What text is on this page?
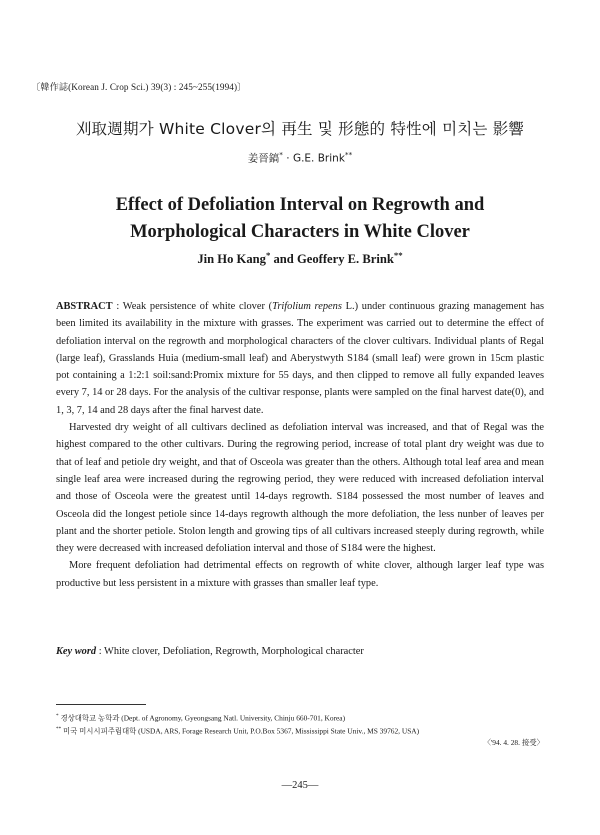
〔韓作誌(Korean J. Crop Sci.) 39(3) : 245~255(1994)〕
刈取週期가 White Clover의 再生 및 形態的 特性에 미치는 影響
姜晉鎬* · G.E. Brink**
Effect of Defoliation Interval on Regrowth and
Morphological Characters in White Clover
Jin Ho Kang* and Geoffery E. Brink**

ABSTRACT : Weak persistence of white clover (Trifolium repens L.) under continuous grazing management has been limited its availability in the mixture with grasses. The experiment was carried out to determine the effect of defoliation interval on the regrowth and morphological characters of the clover cultivars. Individual plants of Regal (large leaf), Grasslands Huia (medium-small leaf) and Aberystwyth S184 (small leaf) were grown in 15cm plastic pot containing a 1:2:1 soil:sand:Promix mixture for 55 days, and then clipped to remove all fully expanded leaves every 7, 14 or 28 days. For the analysis of the cultivar response, plants were sampled on the final harvest date(0), and 1, 3, 7, 14 and 28 days after the final harvest date.

Harvested dry weight of all cultivars declined as defoliation interval was increased, and that of Regal was the highest compared to the other cultivars. During the regrowing period, increase of total plant dry weight was due to that of leaf and petiole dry weight, and that of Osceola was greater than the others. Although total leaf area and mean single leaf area were increased during the regrowing period, they were reduced with increased defoliation interval and those of Osceola were the greatest until 14-days regrowth. S184 possessed the most number of leaves and Osceola did the longest petiole since 14-days regrowth although the more defoliation, the less nunber of leaves per plant and the shorter petiole. Stolon length and growing tips of all cultivars increased steeply during regrowth, while they were decreased with increased defoliation interval and those of S184 were the highest.

More frequent defoliation had detrimental effects on regrowth of white clover, although larger leaf type was productive but less persistent in a mixture with grasses than smaller leaf type.

Key word : White clover, Defoliation, Regrowth, Morphological character
* 경상대학교 농학과 (Dept. of Agronomy, Gyeongsang Natl. University, Chinju 660-701, Korea)
** 미국 미시시피주립대학 (USDA, ARS, Forage Research Unit, P.O.Box 5367, Mississippi State Univ., MS 39762, USA)
〈'94. 4. 28. 接受〉
—245—
